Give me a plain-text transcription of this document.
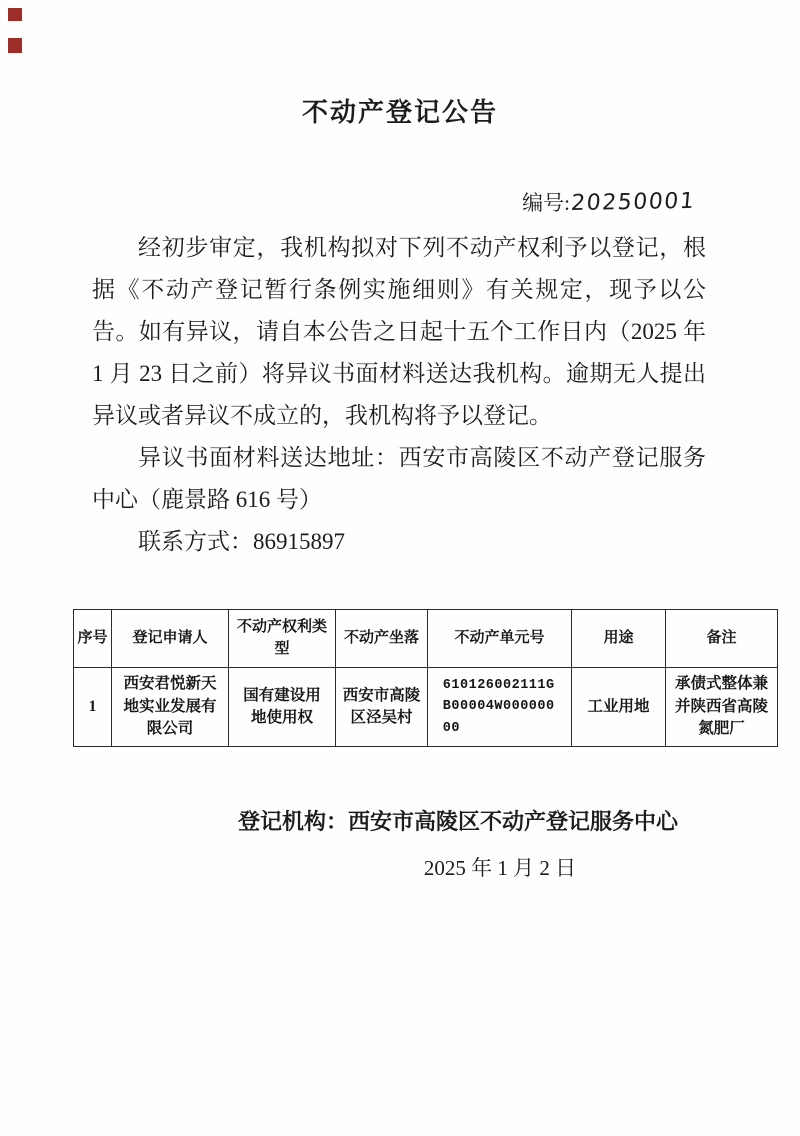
不动产登记公告
编号:20250001

经初步审定，我机构拟对下列不动产权利予以登记，根据《不动产登记暂行条例实施细则》有关规定，现予以公告。如有异议，请自本公告之日起十五个工作日内（2025 年 1 月 23 日之前）将异议书面材料送达我机构。逾期无人提出异议或者异议不成立的，我机构将予以登记。

异议书面材料送达地址：西安市高陵区不动产登记服务中心（鹿景路 616 号）

联系方式：86915897

序号	登记申请人	不动产权利类型	不动产坐落	不动产单元号	用途	备注
1	西安君悦新天地实业发展有限公司	国有建设用地使用权	西安市高陵区泾吴村	610126002111GB00004W00000000	工业用地	承债式整体兼并陕西省高陵氮肥厂
登记机构：西安市高陵区不动产登记服务中心
2025 年 1 月 2 日
